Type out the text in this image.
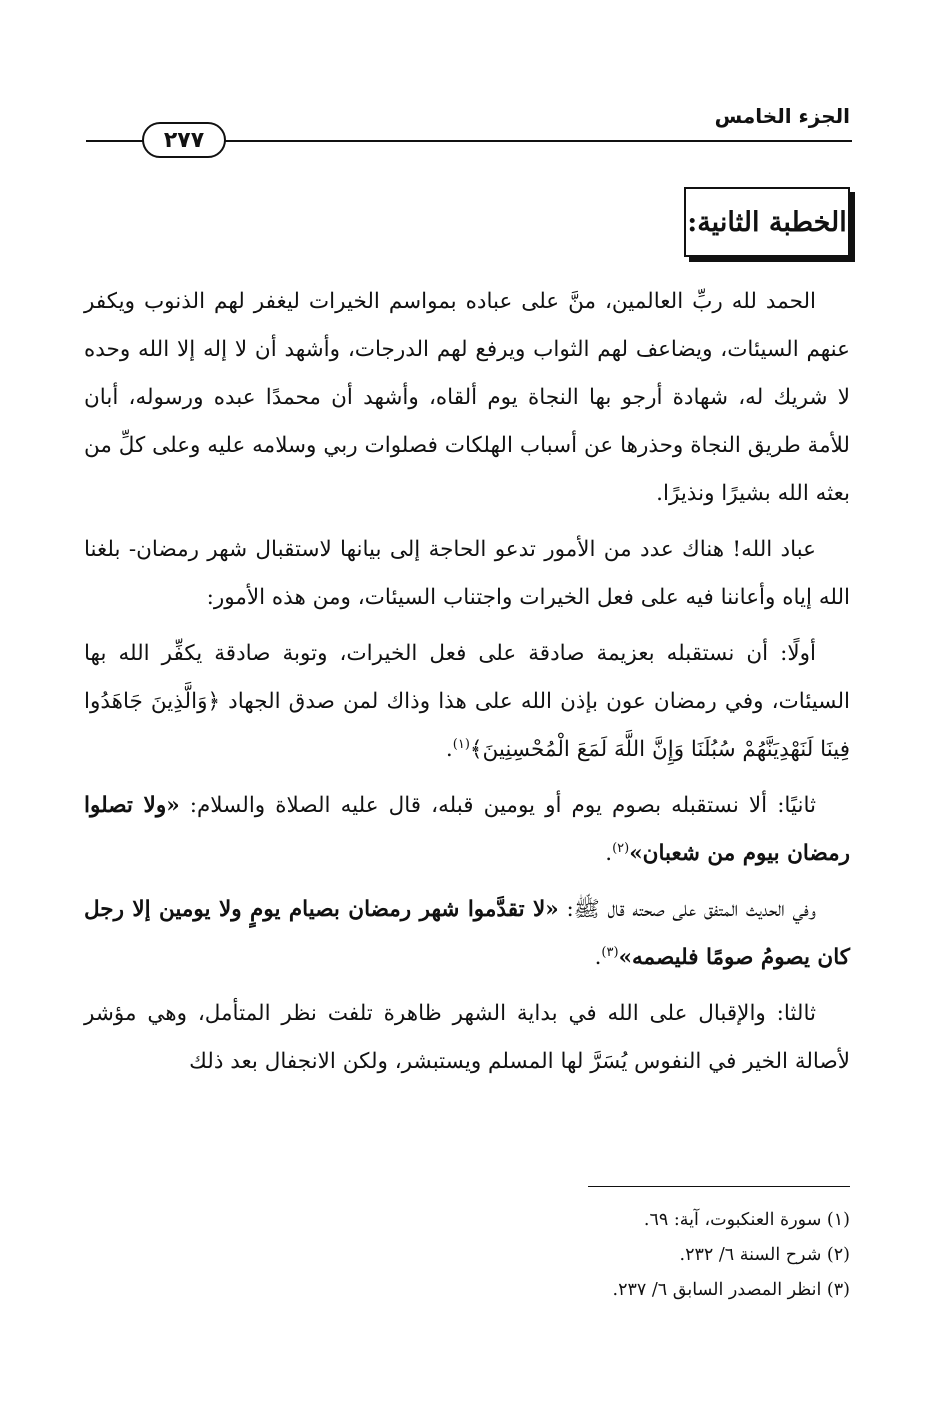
الجزء الخامس
٢٧٧
الخطبة الثانية:

الحمد لله ربِّ العالمين، منَّ على عباده بمواسم الخيرات ليغفر لهم الذنوب ويكفر عنهم السيئات، ويضاعف لهم الثواب ويرفع لهم الدرجات، وأشهد أن لا إله إلا الله وحده لا شريك له، شهادة أرجو بها النجاة يوم ألقاه، وأشهد أن محمدًا عبده ورسوله، أبان للأمة طريق النجاة وحذرها عن أسباب الهلكات فصلوات ربي وسلامه عليه وعلى كلِّ من بعثه الله بشيرًا ونذيرًا.

عباد الله! هناك عدد من الأمور تدعو الحاجة إلى بيانها لاستقبال شهر رمضان- بلغنا الله إياه وأعاننا فيه على فعل الخيرات واجتناب السيئات، ومن هذه الأمور:

أولًا: أن نستقبله بعزيمة صادقة على فعل الخيرات، وتوبة صادقة يكفِّر الله بها السيئات، وفي رمضان عون بإذن الله على هذا وذاك لمن صدق الجهاد ﴿وَالَّذِينَ جَاهَدُوا فِينَا لَنَهْدِيَنَّهُمْ سُبُلَنَا وَإِنَّ اللَّهَ لَمَعَ الْمُحْسِنِينَ﴾$^{(١)}$.

ثانيًا: ألا نستقبله بصوم يوم أو يومين قبله، قال عليه الصلاة والسلام: «ولا تصلوا رمضان بيوم من شعبان»$^{(٢)}$.

وفي الحديث المتفق على صحته قال ﷺ: «لا تقدَّموا شهر رمضان بصيام يومٍ ولا يومين إلا رجل كان يصومُ صومًا فليصمه»$^{(٣)}$.

ثالثا: والإقبال على الله في بداية الشهر ظاهرة تلفت نظر المتأمل، وهي مؤشر لأصالة الخير في النفوس يُسَرَّ لها المسلم ويستبشر، ولكن الانجفال بعد ذلك

(١) سورة العنكبوت، آية: ٦٩.

(٢) شرح السنة ٦/ ٢٣٢.

(٣) انظر المصدر السابق ٦/ ٢٣٧.
